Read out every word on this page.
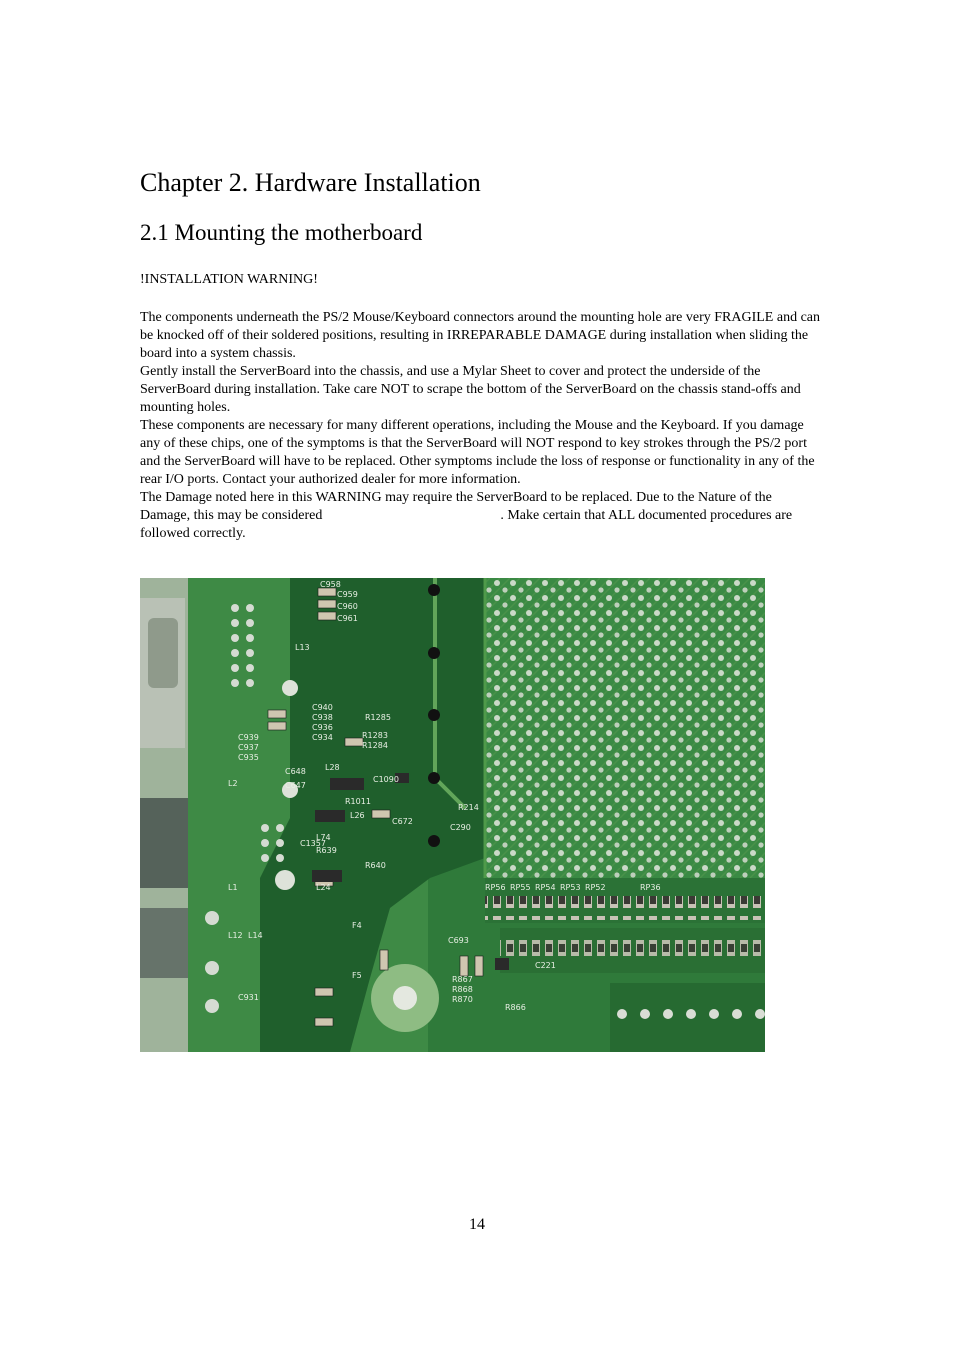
Chapter 2. Hardware Installation
2.1 Mounting the motherboard

!INSTALLATION WARNING!

The components underneath the PS/2 Mouse/Keyboard connectors around the mounting hole are very FRAGILE and can be knocked off of their soldered positions, resulting in IRREPARABLE DAMAGE during installation when sliding the board into a system chassis.

Gently install the ServerBoard into the chassis, and use a Mylar Sheet to cover and protect the underside of the ServerBoard during installation. Take care NOT to scrape the bottom of the ServerBoard on the chassis stand-offs and mounting holes.

These components are necessary for many different operations, including the Mouse and the Keyboard. If you damage any of these chips, one of the symptoms is that the ServerBoard will NOT respond to key strokes through the PS/2 port and the ServerBoard will have to be replaced. Other symptoms include the loss of response or functionality in any of the rear I/O ports. Contact your authorized dealer for more information.

The Damage noted here in this WARNING may require the ServerBoard to be replaced. Due to the Nature of the Damage, this may be considered	. Make certain that ALL documented procedures are followed correctly.

C958
C959
C960
C961
C940
C938
C936
C934	R1283
R1284
R1285
C939
C937
C935
L28
C648
C647
L26
R1011
C1090
R214
C290
C672
L74
L24
R640
R639
C1357
C693
C221
C931
RP56 RP55 RP54 RP53 RP52	RP36
R866
R867
R868
R870
F5
F4
L2
L1
L12 L14
L13
14
